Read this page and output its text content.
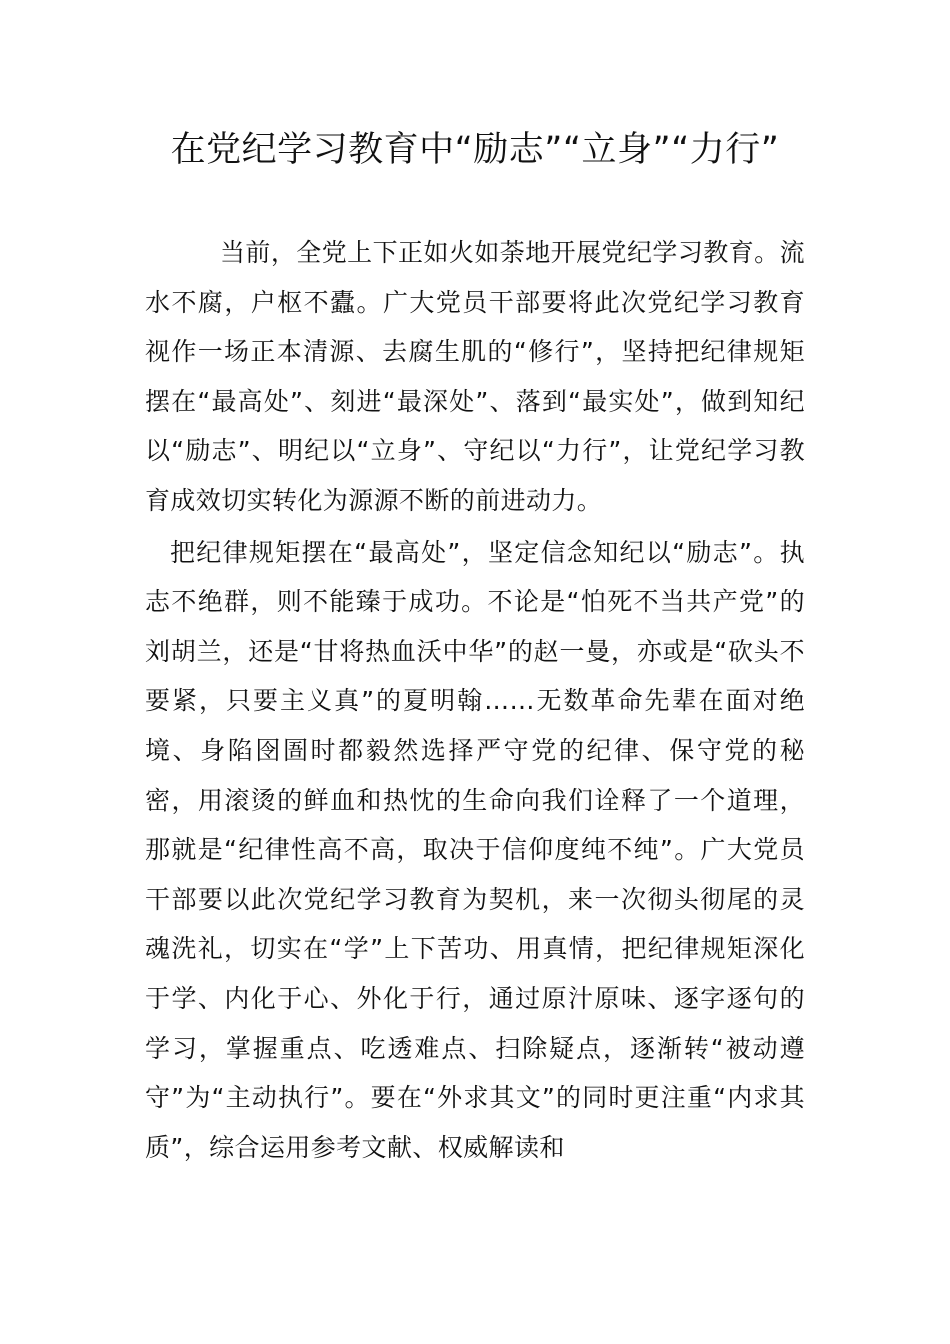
在党纪学习教育中“励志”“立身”“力行”

当前，全党上下正如火如荼地开展党纪学习教育。流水不腐，户枢不蠹。广大党员干部要将此次党纪学习教育视作一场正本清源、去腐生肌的“修行”，坚持把纪律规矩摆在“最高处”、刻进“最深处”、落到“最实处”，做到知纪以“励志”、明纪以“立身”、守纪以“力行”，让党纪学习教育成效切实转化为源源不断的前进动力。

把纪律规矩摆在“最高处”，坚定信念知纪以“励志”。执志不绝群，则不能臻于成功。不论是“怕死不当共产党”的刘胡兰，还是“甘将热血沃中华”的赵一曼，亦或是“砍头不要紧，只要主义真”的夏明翰……无数革命先辈在面对绝境、身陷囹圄时都毅然选择严守党的纪律、保守党的秘密，用滚烫的鲜血和热忱的生命向我们诠释了一个道理，那就是“纪律性高不高，取决于信仰度纯不纯”。广大党员干部要以此次党纪学习教育为契机，来一次彻头彻尾的灵魂洗礼，切实在“学”上下苦功、用真情，把纪律规矩深化于学、内化于心、外化于行，通过原汁原味、逐字逐句的学习，掌握重点、吃透难点、扫除疑点，逐渐转“被动遵守”为“主动执行”。要在“外求其文”的同时更注重“内求其质”，综合运用参考文献、权威解读和
